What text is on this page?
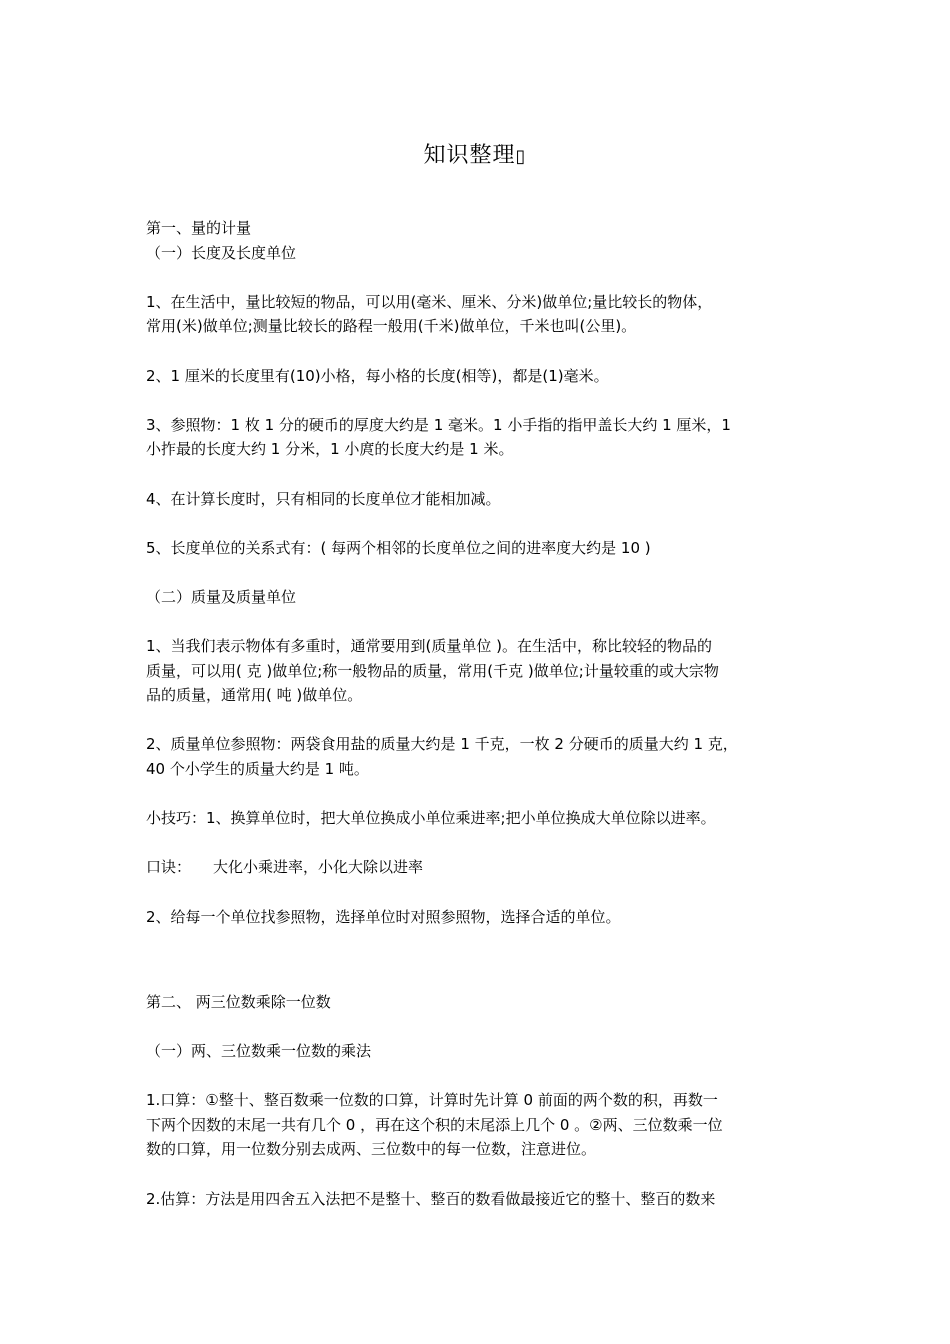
知识整理▯
第一、量的计量
（一）长度及长度单位
1、在生活中，量比较短的物品，可以用(毫米、厘米、分米)做单位;量比较长的物体，
常用(米)做单位;测量比较长的路程一般用(千米)做单位，千米也叫(公里)。
2、1 厘米的长度里有(10)小格，每小格的长度(相等)，都是(1)毫米。
3、参照物：1 枚 1 分的硬币的厚度大约是 1 毫米。1 小手指的指甲盖长大约 1 厘米，1
小拃最的长度大约 1 分米，1 小庹的长度大约是 1 米。
4、在计算长度时，只有相同的长度单位才能相加减。
5、长度单位的关系式有：( 每两个相邻的长度单位之间的进率度大约是 10 )
（二）质量及质量单位
1、当我们表示物体有多重时，通常要用到(质量单位 )。在生活中，称比较轻的物品的
质量，可以用( 克 )做单位;称一般物品的质量，常用(千克 )做单位;计量较重的或大宗物
品的质量，通常用( 吨 )做单位。
2、质量单位参照物：两袋食用盐的质量大约是 1 千克，一枚 2 分硬币的质量大约 1 克，
40 个小学生的质量大约是 1 吨。
小技巧：1、换算单位时，把大单位换成小单位乘进率;把小单位换成大单位除以进率。
口诀： 大化小乘进率，小化大除以进率
2、给每一个单位找参照物，选择单位时对照参照物，选择合适的单位。
第二、 两三位数乘除一位数
（一）两、三位数乘一位数的乘法
1.口算：①整十、整百数乘一位数的口算，计算时先计算 0 前面的两个数的积，再数一
下两个因数的末尾一共有几个 0 ，再在这个积的末尾添上几个 0 。②两、三位数乘一位
数的口算，用一位数分别去成两、三位数中的每一位数，注意进位。
2.估算：方法是用四舍五入法把不是整十、整百的数看做最接近它的整十、整百的数来
